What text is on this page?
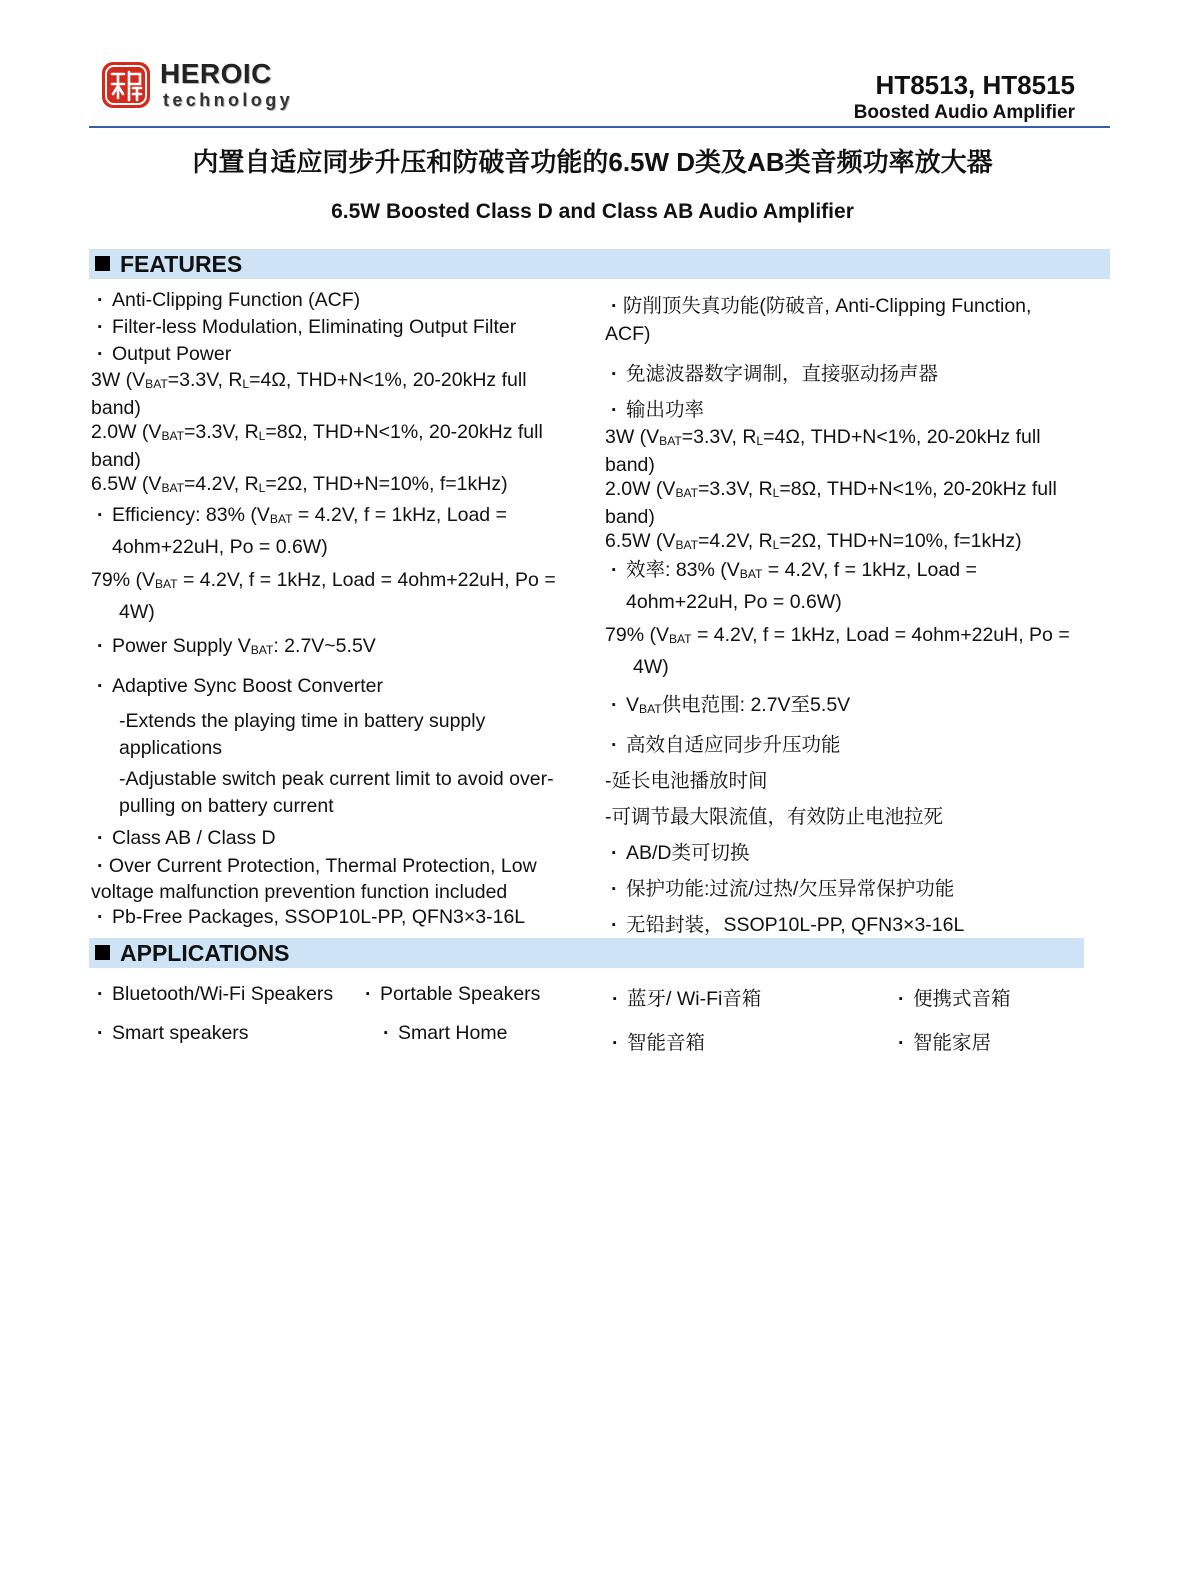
HEROIC
technology	HT8513, HT8515
Boosted Audio Amplifier
内置自适应同步升压和防破音功能的6.5W D类及AB类音频功率放大器
6.5W Boosted Class D and Class AB Audio Amplifier
FEATURES
· Anti-Clipping Function (ACF)
· Filter-less Modulation, Eliminating Output Filter
· Output Power
3W ($V_{BAT}=3.3V$, $R_L=4\Omega$, THD+N<1%, 20-20kHz full band)
2.0W ($V_{BAT}=3.3V$, $R_L=8\Omega$, THD+N<1%, 20-20kHz full band)
6.5W ($V_{BAT}=4.2V$, $R_L=2\Omega$, THD+N=10%, f=1kHz)
· Efficiency: 83% ($V_{BAT} = 4.2V$, f = 1kHz, Load = 4ohm+22uH, Po = 0.6W)
79% ($V_{BAT} = 4.2V$, f = 1kHz, Load = 4ohm+22uH, Po = 4W)
· Power Supply $V_{BAT}$: 2.7V~5.5V
· Adaptive Sync Boost Converter
-Extends the playing time in battery supply applications
-Adjustable switch peak current limit to avoid over-pulling on battery current
· Class AB / Class D
· Over Current Protection, Thermal Protection, Low voltage malfunction prevention function included
· Pb-Free Packages, SSOP10L-PP, QFN3×3-16L
· 防削顶失真功能(防破音, Anti-Clipping Function, ACF)
· 免滤波器数字调制，直接驱动扬声器
· 输出功率
3W ($V_{BAT}=3.3V$, $R_L=4\Omega$, THD+N<1%, 20-20kHz full band)
2.0W ($V_{BAT}=3.3V$, $R_L=8\Omega$, THD+N<1%, 20-20kHz full band)
6.5W ($V_{BAT}=4.2V$, $R_L=2\Omega$, THD+N=10%, f=1kHz)
· 效率: 83% ($V_{BAT} = 4.2V$, f = 1kHz, Load = 4ohm+22uH, Po = 0.6W)
79% ($V_{BAT} = 4.2V$, f = 1kHz, Load = 4ohm+22uH, Po = 4W)
· $V_{BAT}$供电范围: 2.7V至5.5V
· 高效自适应同步升压功能
-延长电池播放时间
-可调节最大限流值，有效防止电池拉死
· AB/D类可切换
· 保护功能:过流/过热/欠压异常保护功能
· 无铅封装，SSOP10L-PP, QFN3×3-16L
APPLICATIONS
· Bluetooth/Wi-Fi Speakers	· Portable Speakers
· Smart speakers	· Smart Home
· 蓝牙/ Wi-Fi音箱	· 便携式音箱
· 智能音箱	· 智能家居
